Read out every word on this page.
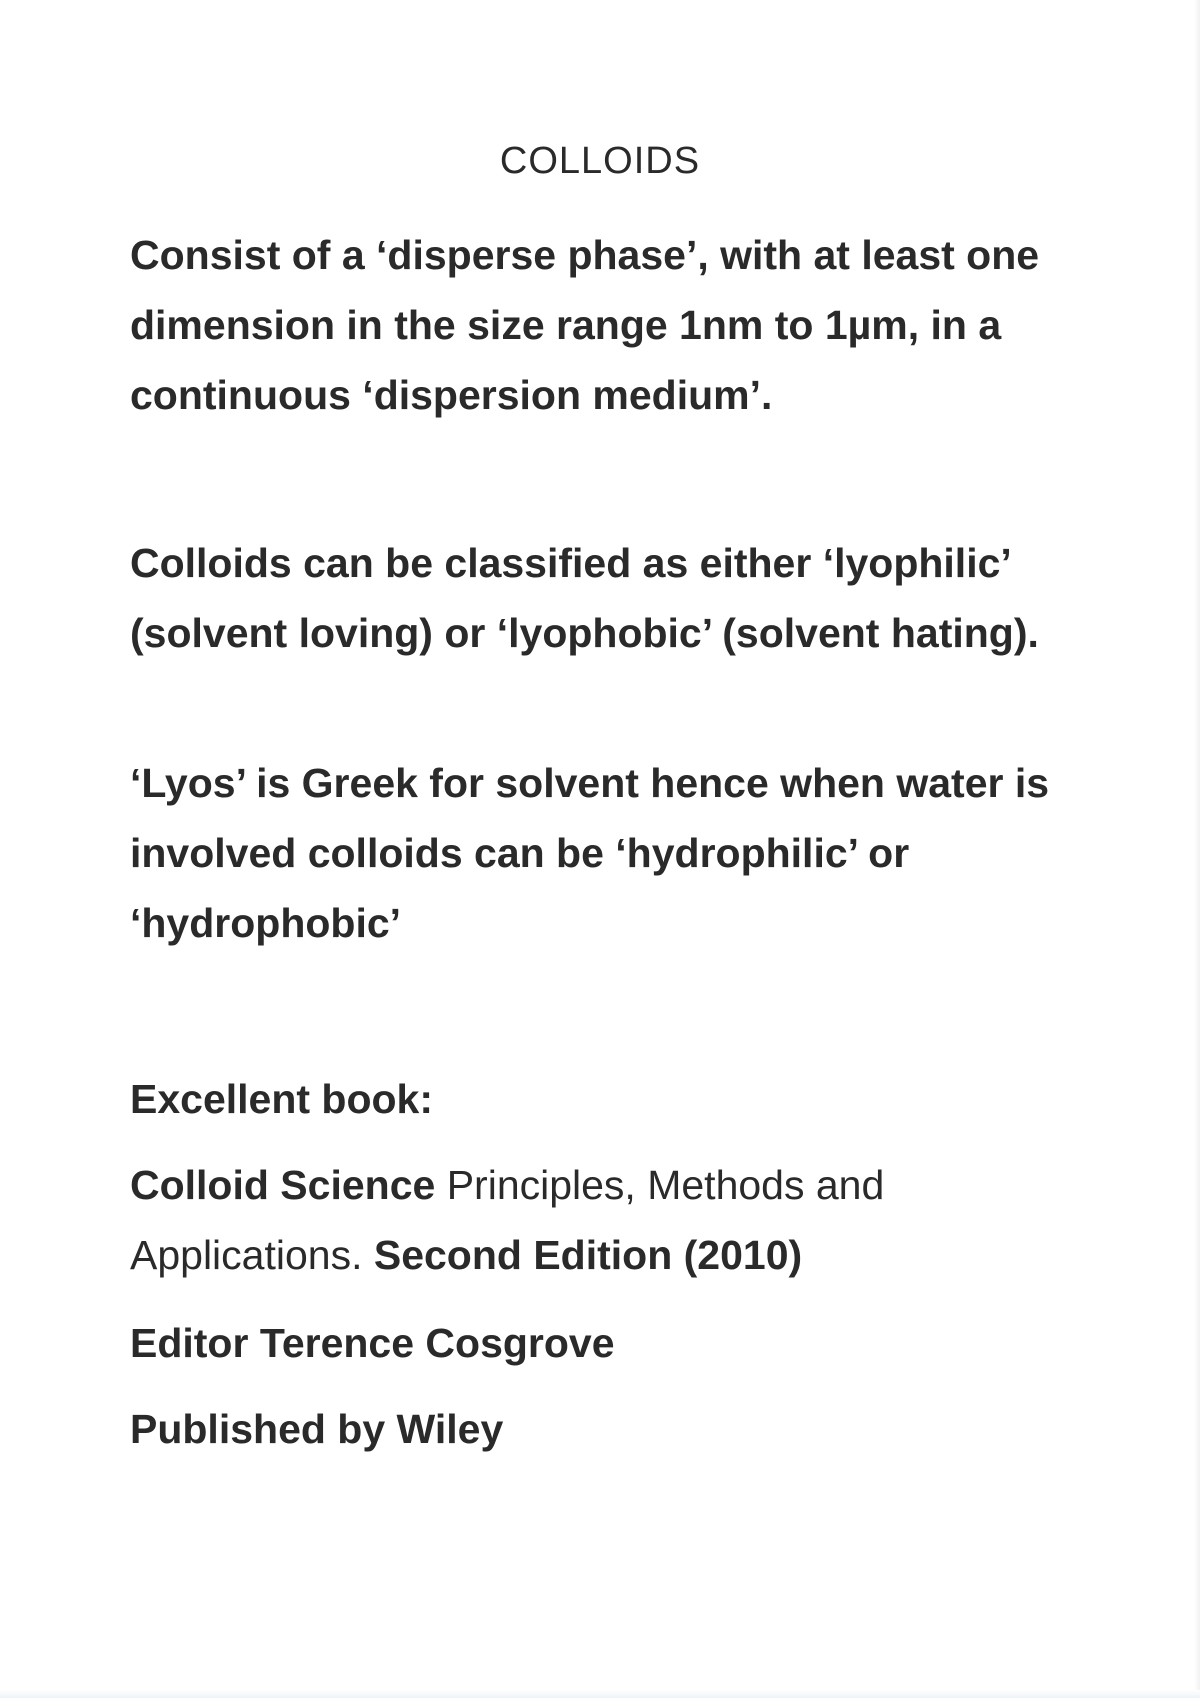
COLLOIDS

Consist of a ‘disperse phase’, with at least one dimension in the size range 1nm to 1µm, in a continuous ‘dispersion medium’.

Colloids can be classified as either ‘lyophilic’ (solvent loving) or ‘lyophobic’ (solvent hating).

‘Lyos’ is Greek for solvent hence when water is involved colloids can be ‘hydrophilic’ or ‘hydrophobic’

Excellent book:

Colloid Science Principles, Methods and Applications. Second Edition (2010)

Editor Terence Cosgrove

Published by Wiley
